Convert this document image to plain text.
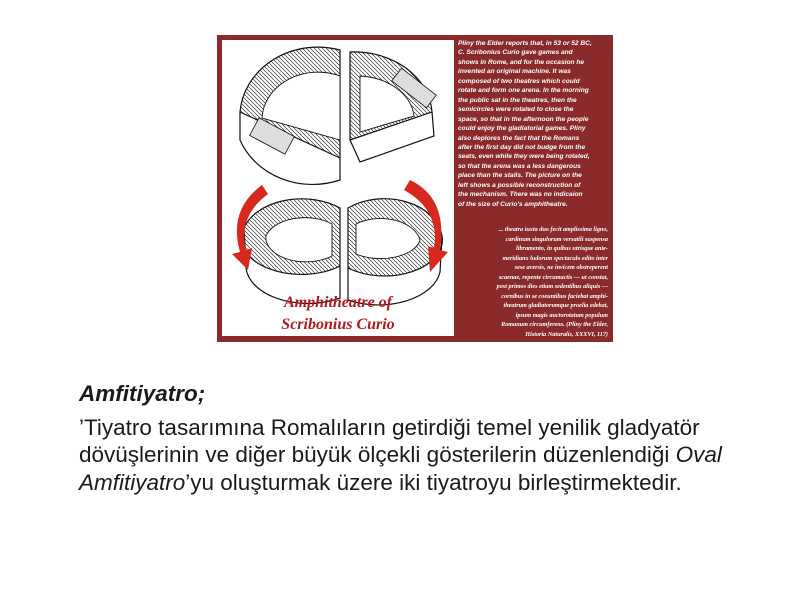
Amphitheatre of
Scribonius Curio

Pliny the Elder reports that, in 53 or 52 BC,
C. Scribonius Curio gave games and
shows in Rome, and for the occasion he
invented an original machine. It was
composed of two theatres which could
rotate and form one arena. In the morning
the public sat in the theatres, then the
semicircles were rotated to close the
space, so that in the afternoon the people
could enjoy the gladiatorial games. Pliny
also deplores the fact that the Romans
after the first day did not budge from the
seats, even while they were being rotated,
so that the arena was a less dangerous
place than the stalls. The picture on the
left shows a possible reconstruction of
the mechanism. There was no indicaion
of the size of Curio's amphitheatre.

... theatra iuxta duo fecit amplissima ligno,
cardinum singulorum versatili suspensa
libramento, in quibus utrisque ante-
meridiano ludorum spectaculo edito inter
sese aversis, ne invicem obstreperent
scaenae, repente circumactis — ut constat,
post primos dies etiam sedentibus aliquis —
cornibus in se coeuntibus faciebat amphi-
theatrum gladiatorumque proelia edebat,
ipsum magis auctorotatum populum
Romanum circumferens. (Pliny the Elder,
Historia Naturalis, XXXVI, 117)

Amfitiyatro;

’Tiyatro tasarımına Romalıların getirdiği temel yenilik gladyatör dövüşlerinin ve diğer büyük ölçekli gösterilerin düzenlendiği Oval Amfitiyatro’yu oluşturmak üzere iki tiyatroyu birleştirmektedir.
